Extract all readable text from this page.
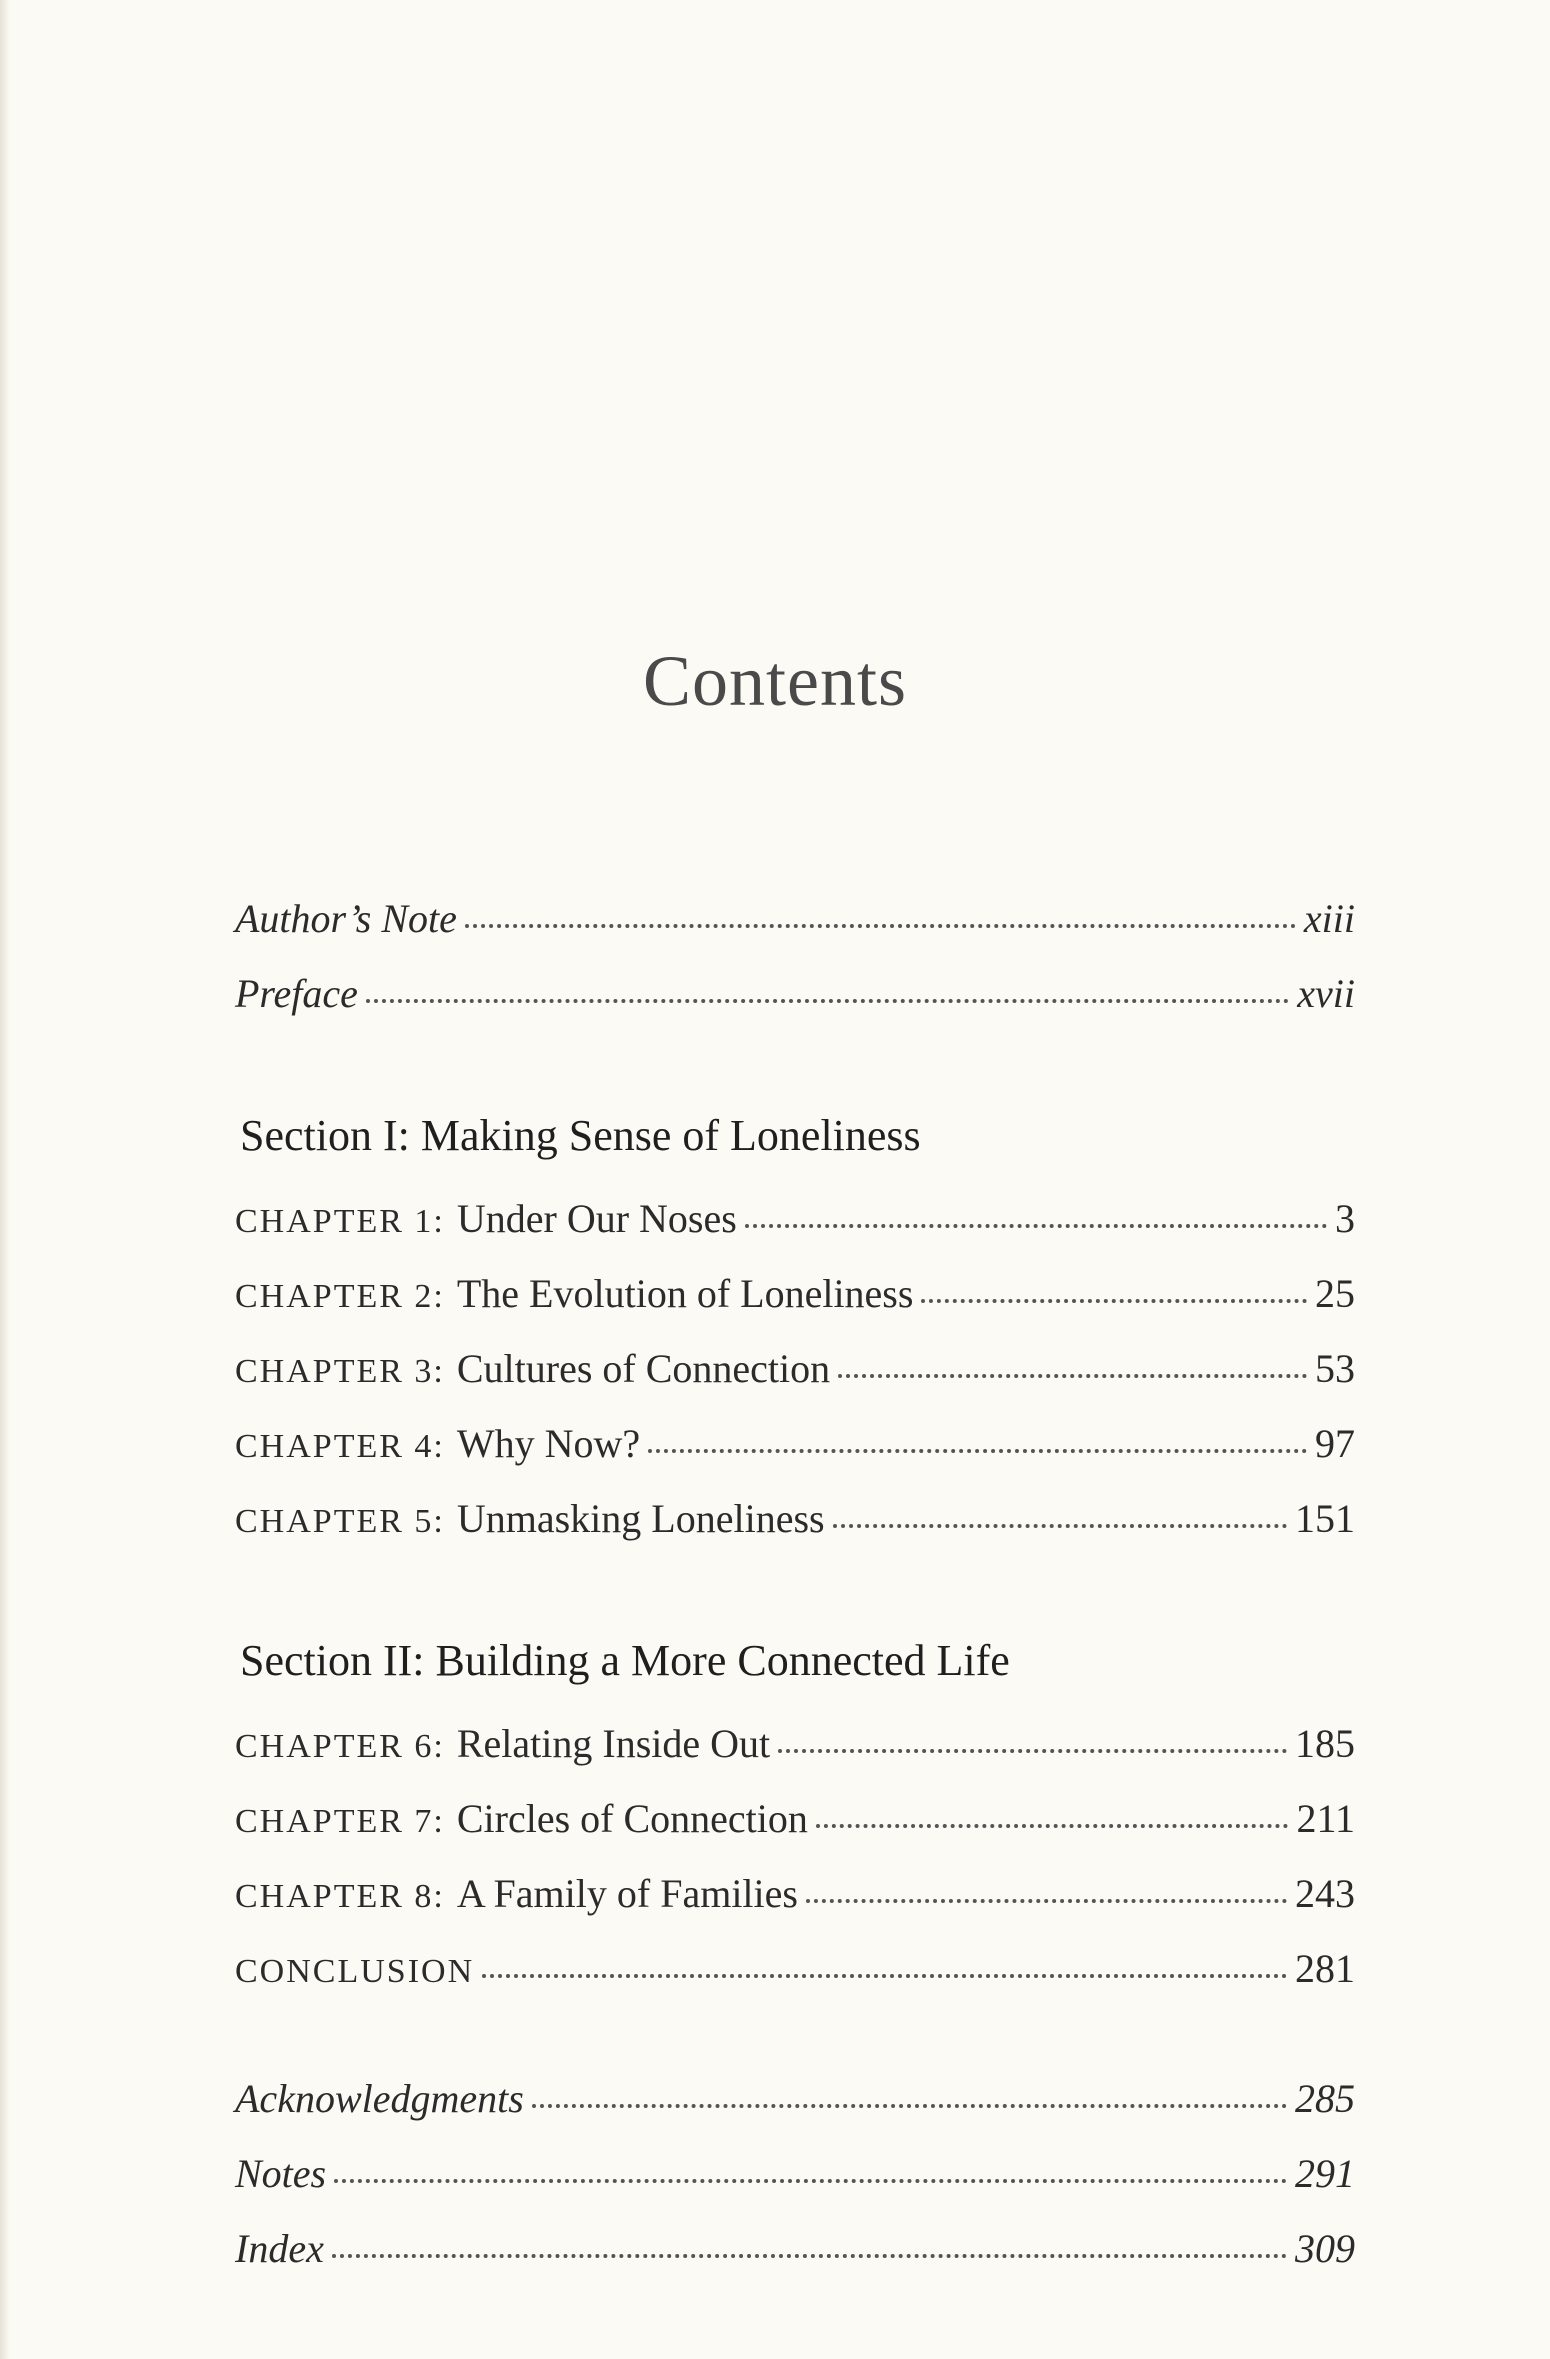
Contents
Author’s Note	xiii
Preface	xvii
Section I: Making Sense of Loneliness
CHAPTER 1: Under Our Noses	3
CHAPTER 2: The Evolution of Loneliness	25
CHAPTER 3: Cultures of Connection	53
CHAPTER 4: Why Now?	97
CHAPTER 5: Unmasking Loneliness	151
Section II: Building a More Connected Life
CHAPTER 6: Relating Inside Out	185
CHAPTER 7: Circles of Connection	211
CHAPTER 8: A Family of Families	243
CONCLUSION	281
Acknowledgments	285
Notes	291
Index	309
